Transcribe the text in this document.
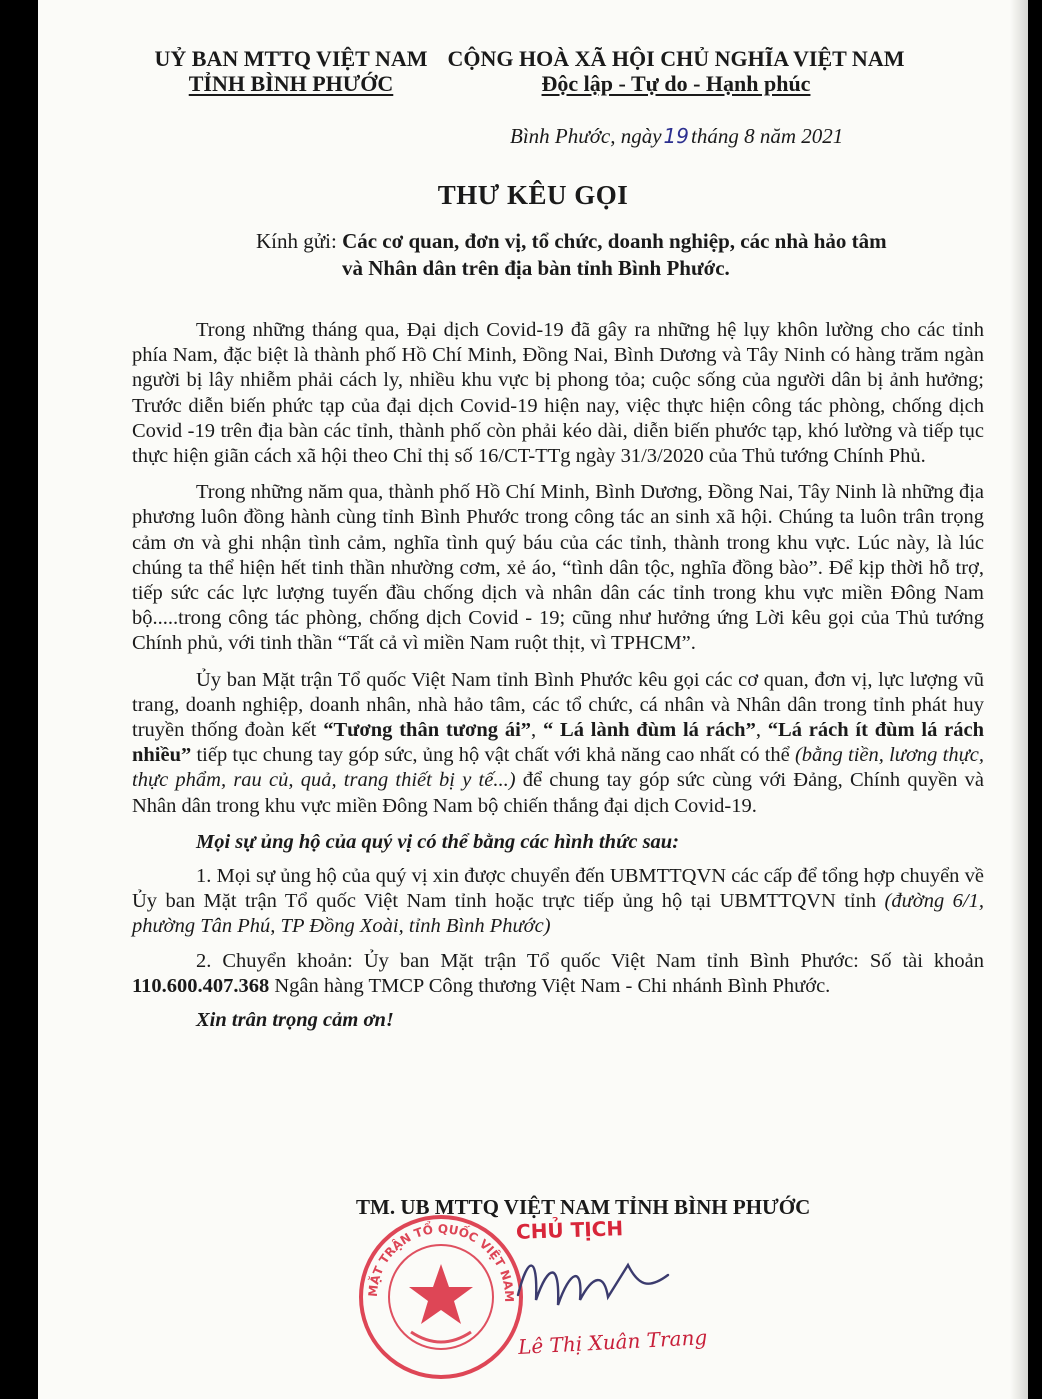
UỶ BAN MTTQ VIỆT NAM
TỈNH BÌNH PHƯỚC
CỘNG HOÀ XÃ HỘI CHỦ NGHĨA VIỆT NAM
Độc lập - Tự do - Hạnh phúc
Bình Phước, ngày 19tháng 8 năm 2021
THƯ KÊU GỌI
Kính gửi: Các cơ quan, đơn vị, tổ chức, doanh nghiệp, các nhà hảo tâm
và Nhân dân trên địa bàn tỉnh Bình Phước.

Trong những tháng qua, Đại dịch Covid-19 đã gây ra những hệ lụy khôn lường cho các tỉnh phía Nam, đặc biệt là thành phố Hồ Chí Minh, Đồng Nai, Bình Dương và Tây Ninh có hàng trăm ngàn người bị lây nhiễm phải cách ly, nhiều khu vực bị phong tỏa; cuộc sống của người dân bị ảnh hưởng; Trước diễn biến phức tạp của đại dịch Covid-19 hiện nay, việc thực hiện công tác phòng, chống dịch Covid -19 trên địa bàn các tỉnh, thành phố còn phải kéo dài, diễn biến phước tạp, khó lường và tiếp tục thực hiện giãn cách xã hội theo Chỉ thị số 16/CT-TTg ngày 31/3/2020 của Thủ tướng Chính Phủ.

Trong những năm qua, thành phố Hồ Chí Minh, Bình Dương, Đồng Nai, Tây Ninh là những địa phương luôn đồng hành cùng tỉnh Bình Phước trong công tác an sinh xã hội. Chúng ta luôn trân trọng cảm ơn và ghi nhận tình cảm, nghĩa tình quý báu của các tỉnh, thành trong khu vực. Lúc này, là lúc chúng ta thể hiện hết tinh thần nhường cơm, xẻ áo, “tình dân tộc, nghĩa đồng bào”. Để kịp thời hỗ trợ, tiếp sức các lực lượng tuyến đầu chống dịch và nhân dân các tỉnh trong khu vực miền Đông Nam bộ.....trong công tác phòng, chống dịch Covid - 19; cũng như hưởng ứng Lời kêu gọi của Thủ tướng Chính phủ, với tinh thần “Tất cả vì miền Nam ruột thịt, vì TPHCM”.

Ủy ban Mặt trận Tổ quốc Việt Nam tỉnh Bình Phước kêu gọi các cơ quan, đơn vị, lực lượng vũ trang, doanh nghiệp, doanh nhân, nhà hảo tâm, các tổ chức, cá nhân và Nhân dân trong tỉnh phát huy truyền thống đoàn kết “Tương thân tương ái”, “ Lá lành đùm lá rách”, “Lá rách ít đùm lá rách nhiều” tiếp tục chung tay góp sức, ủng hộ vật chất với khả năng cao nhất có thể (bằng tiền, lương thực, thực phẩm, rau củ, quả, trang thiết bị y tế...) để chung tay góp sức cùng với Đảng, Chính quyền và Nhân dân trong khu vực miền Đông Nam bộ chiến thắng đại dịch Covid-19.

Mọi sự ủng hộ của quý vị có thể bằng các hình thức sau:

1. Mọi sự ủng hộ của quý vị xin được chuyển đến UBMTTQVN các cấp để tổng hợp chuyển về Ủy ban Mặt trận Tổ quốc Việt Nam tỉnh hoặc trực tiếp ủng hộ tại UBMTTQVN tỉnh (đường 6/1, phường Tân Phú, TP Đồng Xoài, tỉnh Bình Phước)

2. Chuyển khoản: Ủy ban Mặt trận Tổ quốc Việt Nam tỉnh Bình Phước: Số tài khoản 110.600.407.368 Ngân hàng TMCP Công thương Việt Nam - Chi nhánh Bình Phước.

Xin trân trọng cảm ơn!

TM. UB MTTQ VIỆT NAM TỈNH BÌNH PHƯỚC
MẶT TRẬN TỔ QUỐC VIỆT NAM
CHỦ TỊCH
Lê Thị Xuân Trang
